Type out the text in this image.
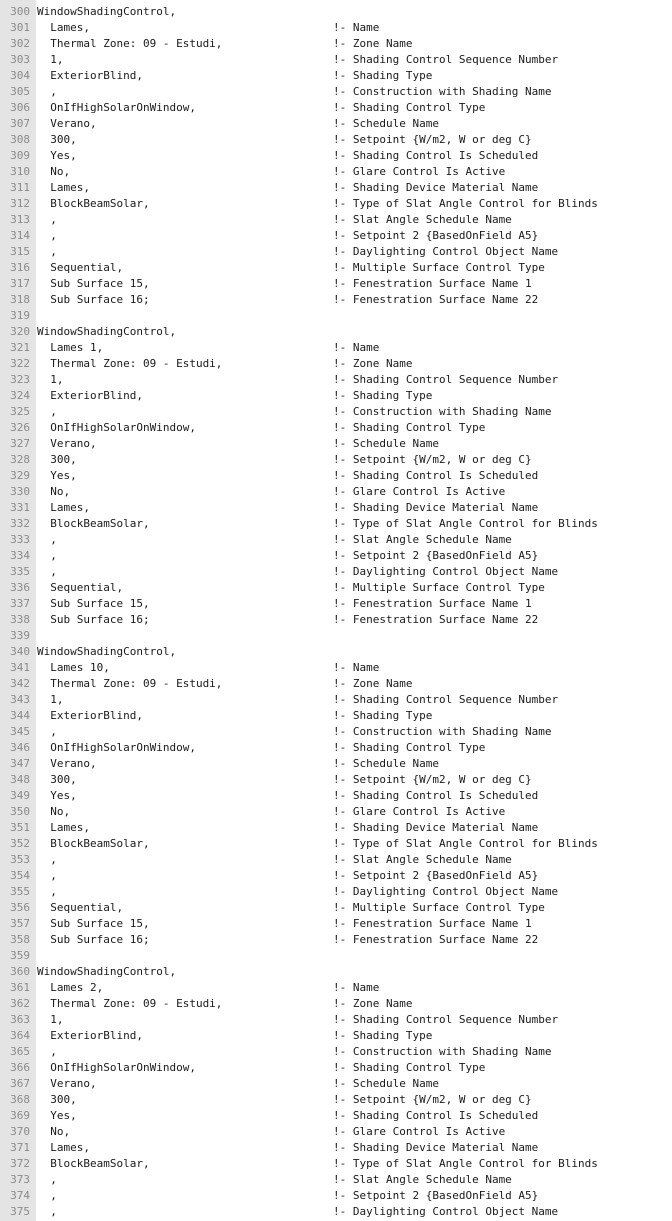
300 WindowShadingControl,
301 Lames,	!- Name
302 Thermal Zone: 09 - Estudi,	!- Zone Name
303 1,	!- Shading Control Sequence Number
304 ExteriorBlind,	!- Shading Type
305 ,	!- Construction with Shading Name
306 OnIfHighSolarOnWindow,	!- Shading Control Type
307 Verano,	!- Schedule Name
308 300,	!- Setpoint {W/m2, W or deg C}
309 Yes,	!- Shading Control Is Scheduled
310 No,	!- Glare Control Is Active
311 Lames,	!- Shading Device Material Name
312 BlockBeamSolar,	!- Type of Slat Angle Control for Blinds
313 ,	!- Slat Angle Schedule Name
314 ,	!- Setpoint 2 {BasedOnField A5}
315 ,	!- Daylighting Control Object Name
316 Sequential,	!- Multiple Surface Control Type
317 Sub Surface 15,	!- Fenestration Surface Name 1
318 Sub Surface 16;	!- Fenestration Surface Name 22
319
320 WindowShadingControl,
321 Lames 1,	!- Name
322 Thermal Zone: 09 - Estudi,	!- Zone Name
323 1,	!- Shading Control Sequence Number
324 ExteriorBlind,	!- Shading Type
325 ,	!- Construction with Shading Name
326 OnIfHighSolarOnWindow,	!- Shading Control Type
327 Verano,	!- Schedule Name
328 300,	!- Setpoint {W/m2, W or deg C}
329 Yes,	!- Shading Control Is Scheduled
330 No,	!- Glare Control Is Active
331 Lames,	!- Shading Device Material Name
332 BlockBeamSolar,	!- Type of Slat Angle Control for Blinds
333 ,	!- Slat Angle Schedule Name
334 ,	!- Setpoint 2 {BasedOnField A5}
335 ,	!- Daylighting Control Object Name
336 Sequential,	!- Multiple Surface Control Type
337 Sub Surface 15,	!- Fenestration Surface Name 1
338 Sub Surface 16;	!- Fenestration Surface Name 22
339
340 WindowShadingControl,
341 Lames 10,	!- Name
342 Thermal Zone: 09 - Estudi,	!- Zone Name
343 1,	!- Shading Control Sequence Number
344 ExteriorBlind,	!- Shading Type
345 ,	!- Construction with Shading Name
346 OnIfHighSolarOnWindow,	!- Shading Control Type
347 Verano,	!- Schedule Name
348 300,	!- Setpoint {W/m2, W or deg C}
349 Yes,	!- Shading Control Is Scheduled
350 No,	!- Glare Control Is Active
351 Lames,	!- Shading Device Material Name
352 BlockBeamSolar,	!- Type of Slat Angle Control for Blinds
353 ,	!- Slat Angle Schedule Name
354 ,	!- Setpoint 2 {BasedOnField A5}
355 ,	!- Daylighting Control Object Name
356 Sequential,	!- Multiple Surface Control Type
357 Sub Surface 15,	!- Fenestration Surface Name 1
358 Sub Surface 16;	!- Fenestration Surface Name 22
359
360 WindowShadingControl,
361 Lames 2,	!- Name
362 Thermal Zone: 09 - Estudi,	!- Zone Name
363 1,	!- Shading Control Sequence Number
364 ExteriorBlind,	!- Shading Type
365 ,	!- Construction with Shading Name
366 OnIfHighSolarOnWindow,	!- Shading Control Type
367 Verano,	!- Schedule Name
368 300,	!- Setpoint {W/m2, W or deg C}
369 Yes,	!- Shading Control Is Scheduled
370 No,	!- Glare Control Is Active
371 Lames,	!- Shading Device Material Name
372 BlockBeamSolar,	!- Type of Slat Angle Control for Blinds
373 ,	!- Slat Angle Schedule Name
374 ,	!- Setpoint 2 {BasedOnField A5}
375 ,	!- Daylighting Control Object Name
